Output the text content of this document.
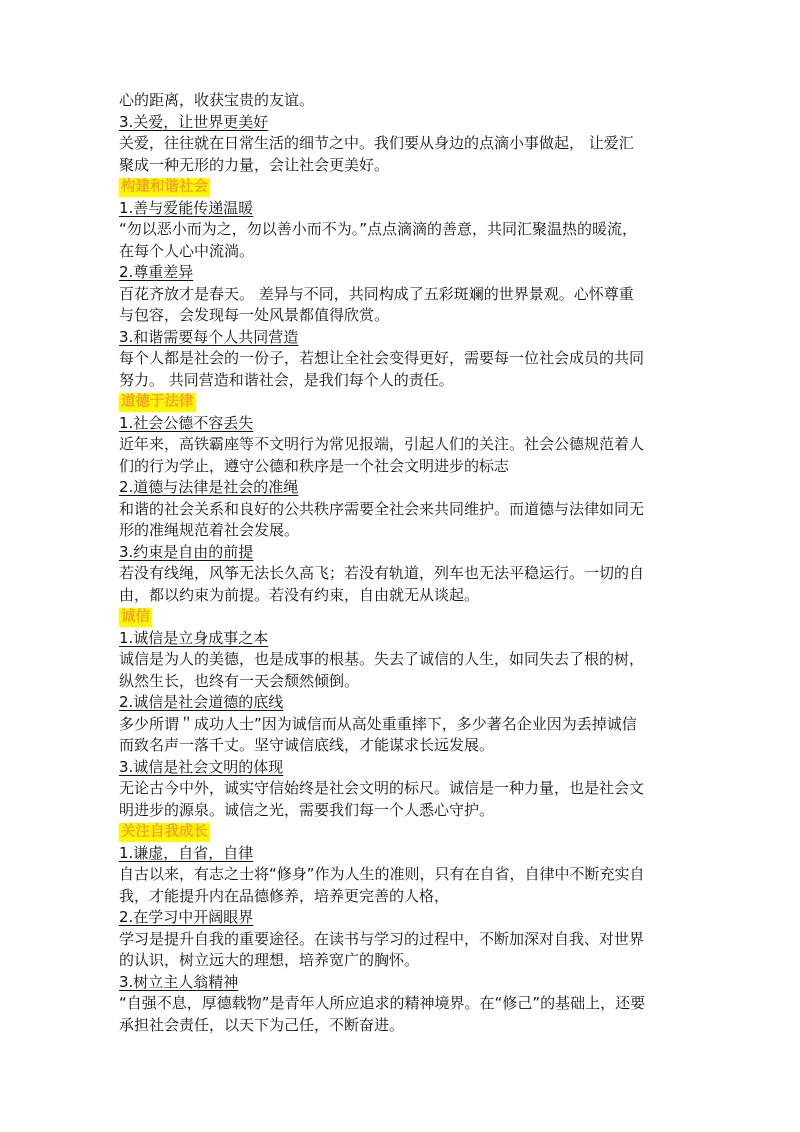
心的距离，收获宝贵的友谊。

3.关爱，让世界更美好

关爱，往往就在日常生活的细节之中。我们要从身边的点滴小事做起， 让爱汇

聚成一种无形的力量，会让社会更美好。

构建和谐社会

1.善与爱能传递温暖

“勿以恶小而为之，勿以善小而不为。”点点滴滴的善意，共同汇聚温热的暖流，

在每个人心中流淌。

2.尊重差异

百花齐放才是春天。 差异与不同，共同构成了五彩斑斓的世界景观。心怀尊重

与包容，会发现每一处风景都值得欣赏。

3.和谐需要每个人共同营造

每个人都是社会的一份子，若想让全社会变得更好，需要每一位社会成员的共同

努力。 共同营造和谐社会，是我们每个人的责任。

道德于法律

1.社会公德不容丢失

近年来，高铁霸座等不文明行为常见报端，引起人们的关注。社会公德规范着人

们的行为学止，遵守公德和秩序是一个社会文明进步的标志

2.道德与法律是社会的准绳

和谐的社会关系和良好的公共秩序需要全社会来共同维护。而道德与法律如同无

形的准绳规范着社会发展。

3.约束是自由的前提

若没有线绳，风筝无法长久高飞；若没有轨道，列车也无法平稳运行。一切的自

由，都以约束为前提。若没有约束，自由就无从谈起。

诚信

1.诚信是立身成事之本

诚信是为人的美德，也是成事的根基。失去了诚信的人生，如同失去了根的树，

纵然生长，也终有一天会颓然倾倒。

2.诚信是社会道德的底线

多少所谓＂成功人士”因为诚信而从高处重重摔下，多少著名企业因为丢掉诚信

而致名声一落千丈。坚守诚信底线，才能谋求长远发展。

3.诚信是社会文明的体现

无论古今中外，诚实守信始终是社会文明的标尺。诚信是一种力量，也是社会文

明进步的源泉。诚信之光，需要我们每一个人悉心守护。

关注自我成长

1.谦虚，自省，自律

自古以来，有志之士将“修身”作为人生的准则，只有在自省，自律中不断充实自

我，才能提升内在品德修养，培养更完善的人格，

2.在学习中开阔眼界

学习是提升自我的重要途径。在读书与学习的过程中，不断加深对自我、对世界

的认识，树立远大的理想，培养宽广的胸怀。

3.树立主人翁精神

“自强不息，厚德载物”是青年人所应追求的精神境界。在“修己”的基础上，还要

承担社会责任，以天下为己任，不断奋进。
